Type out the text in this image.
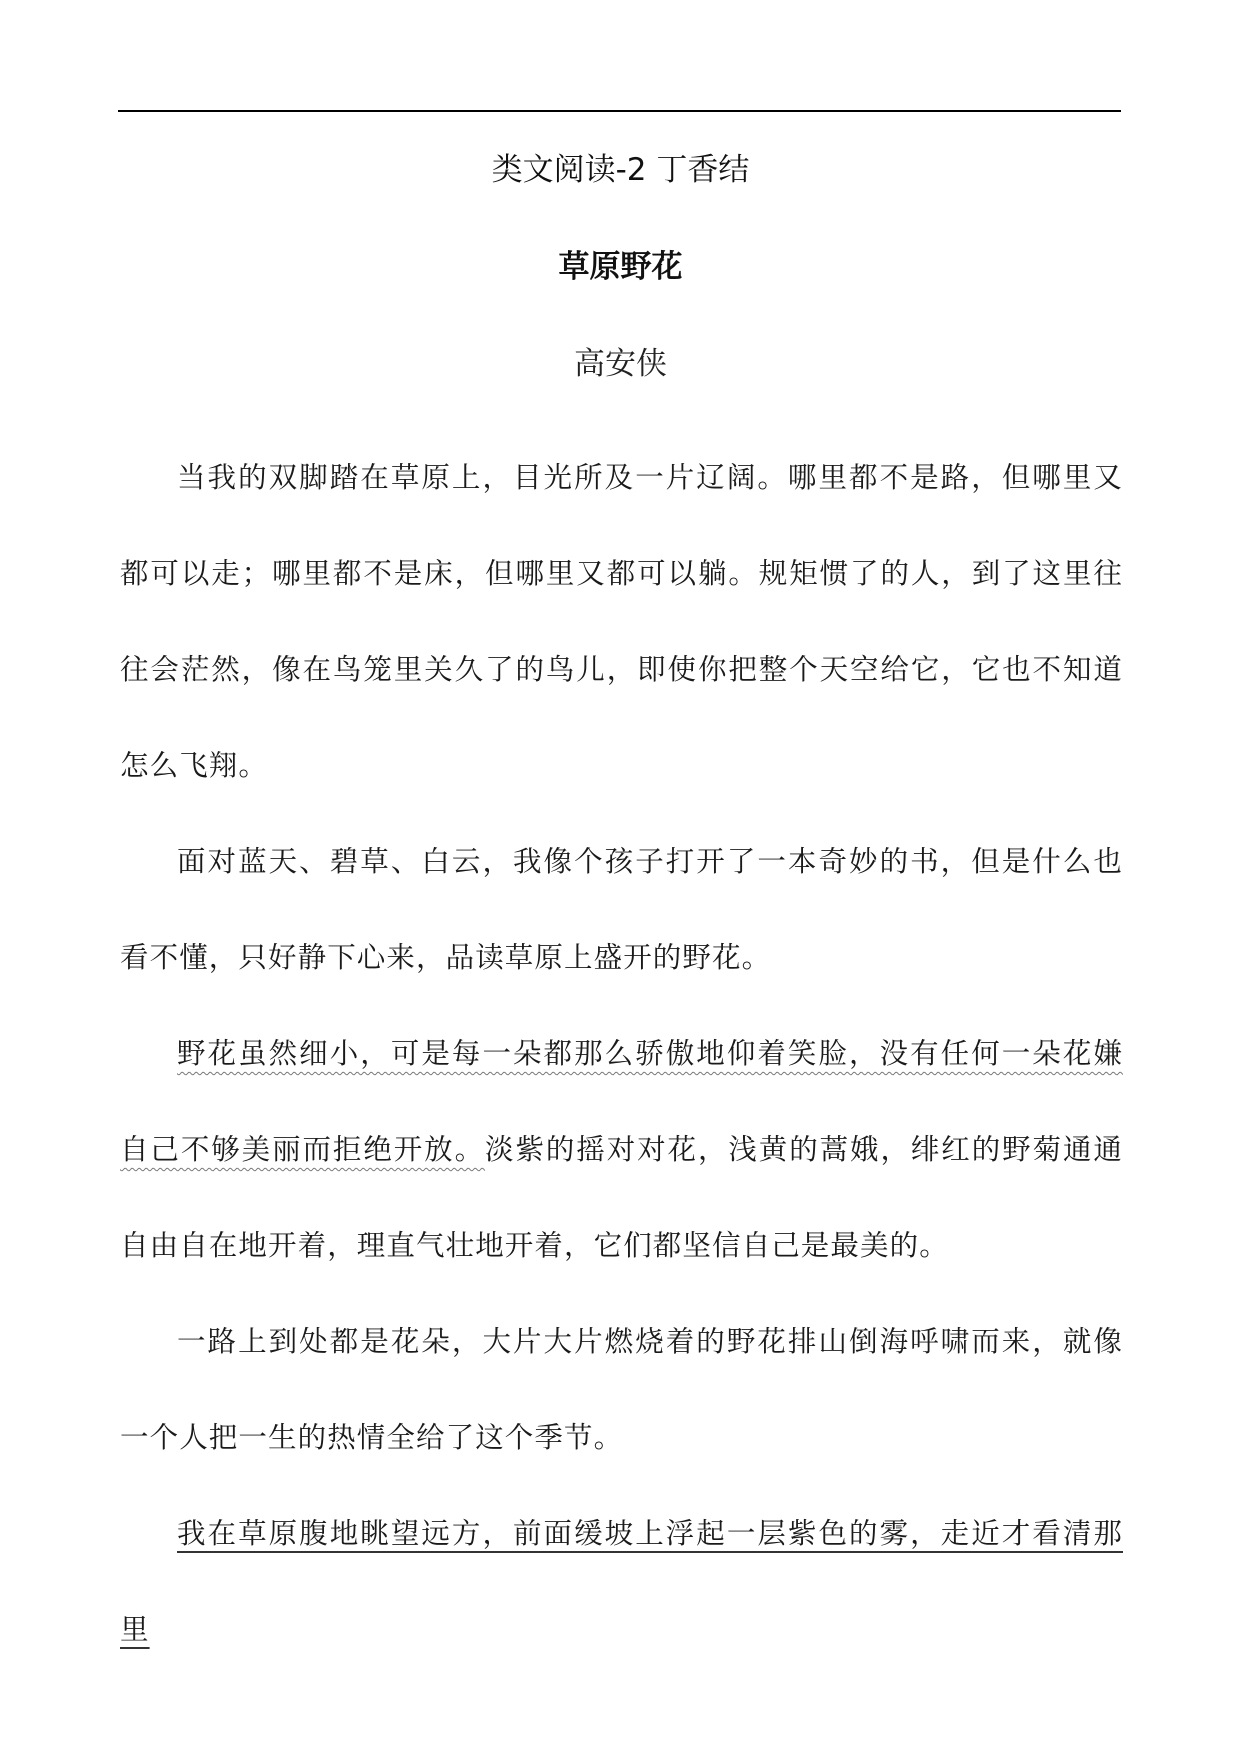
类文阅读-2 丁香结
草原野花
高安侠

当我的双脚踏在草原上，目光所及一片辽阔。哪里都不是路，但哪里又都可以走；哪里都不是床，但哪里又都可以躺。规矩惯了的人，到了这里往往会茫然，像在鸟笼里关久了的鸟儿，即使你把整个天空给它，它也不知道怎么飞翔。

面对蓝天、碧草、白云，我像个孩子打开了一本奇妙的书，但是什么也看不懂，只好静下心来，品读草原上盛开的野花。

野花虽然细小，可是每一朵都那么骄傲地仰着笑脸，没有任何一朵花嫌自己不够美丽而拒绝开放。淡紫的摇对对花，浅黄的蒿娥，绯红的野菊通通自由自在地开着，理直气壮地开着，它们都坚信自己是最美的。

一路上到处都是花朵，大片大片燃烧着的野花排山倒海呼啸而来，就像一个人把一生的热情全给了这个季节。

我在草原腹地眺望远方，前面缓坡上浮起一层紫色的雾，走近才看清那里
